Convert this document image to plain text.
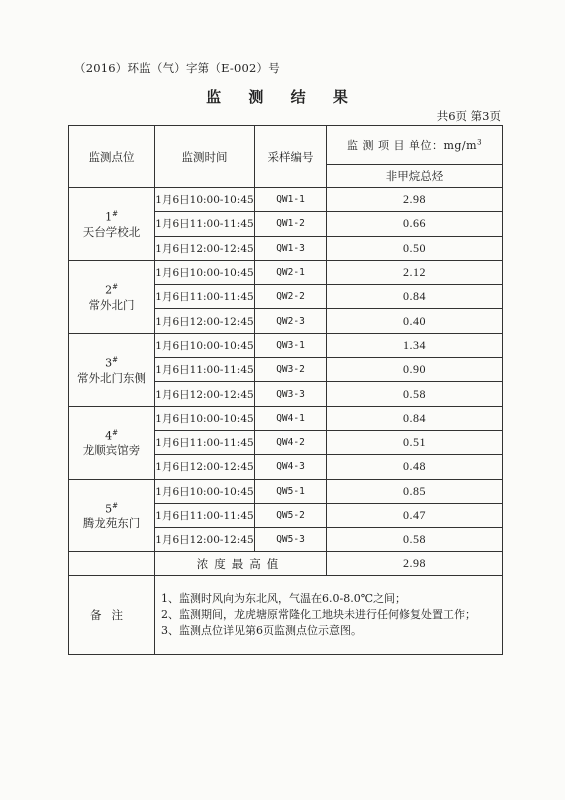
（2016）环监（气）字第（E-002）号
监 测 结 果
共6页 第3页
监测点位	监测时间	采样编号	监 测 项 目 单位：$mg/m^3$
			非甲烷总烃

1#
天台学校北	1月6日10:00-10:45	QW1-1	2.98
	1月6日11:00-11:45	QW1-2	0.66
	1月6日12:00-12:45	QW1-3	0.50

2#
常外北门	1月6日10:00-10:45	QW2-1	2.12
	1月6日11:00-11:45	QW2-2	0.84
	1月6日12:00-12:45	QW2-3	0.40

3#
常外北门东侧	1月6日10:00-10:45	QW3-1	1.34
	1月6日11:00-11:45	QW3-2	0.90
	1月6日12:00-12:45	QW3-3	0.58

4#
龙顺宾馆旁	1月6日10:00-10:45	QW4-1	0.84
	1月6日11:00-11:45	QW4-2	0.51
	1月6日12:00-12:45	QW4-3	0.48

5#
腾龙苑东门	1月6日10:00-10:45	QW5-1	0.85
	1月6日11:00-11:45	QW5-2	0.47
	1月6日12:00-12:45	QW5-3	0.58
	浓度最高值		2.98
备注	1、监测时风向为东北风，气温在6.0-8.0℃之间；
2、监测期间，龙虎塘原常隆化工地块未进行任何修复处置工作；
3、监测点位详见第6页监测点位示意图。		
